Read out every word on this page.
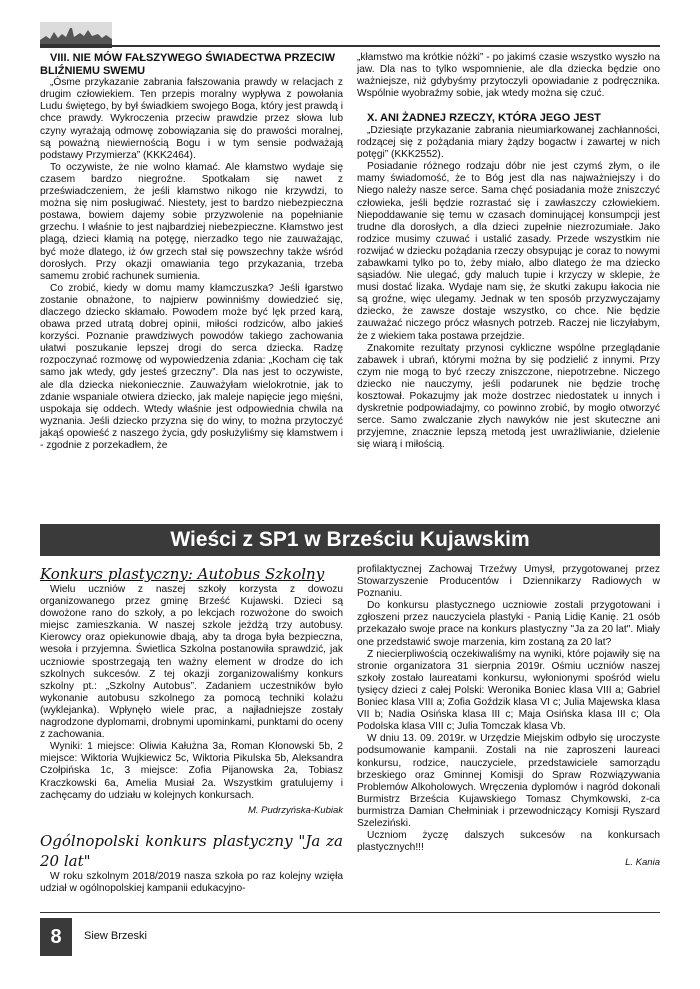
VIII. NIE MÓW FAŁSZYWEGO ŚWIADECTWA PRZECIW BLIŹNIEMU SWEMU

„Ósme przykazanie zabrania fałszowania prawdy w relacjach z drugim człowiekiem. Ten przepis moralny wypływa z powołania Ludu świętego, by był świadkiem swojego Boga, który jest prawdą i chce prawdy. Wykroczenia przeciw prawdzie przez słowa lub czyny wyrażają odmowę zobowiązania się do prawości moralnej, są poważną niewiernością Bogu i w tym sensie podważają podstawy Przymierza” (KKK2464).

To oczywiste, że nie wolno kłamać. Ale kłamstwo wydaje się czasem bardzo niegroźne. Spotkałam się nawet z przeświadczeniem, że jeśli kłamstwo nikogo nie krzywdzi, to można się nim posługiwać. Niestety, jest to bardzo niebezpieczna postawa, bowiem dajemy sobie przyzwolenie na popełnianie grzechu. I właśnie to jest najbardziej niebezpieczne. Kłamstwo jest plagą, dzieci kłamią na potęgę, nierzadko tego nie zauważając, być może dlatego, iż ów grzech stał się powszechny także wśród dorosłych. Przy okazji omawiania tego przykazania, trzeba samemu zrobić rachunek sumienia.

Co zrobić, kiedy w domu mamy kłamczuszka? Jeśli łgarstwo zostanie obnażone, to najpierw powinniśmy dowiedzieć się, dlaczego dziecko skłamało. Powodem może być lęk przed karą, obawa przed utratą dobrej opinii, miłości rodziców, albo jakieś korzyści. Poznanie prawdziwych powodów takiego zachowania ułatwi poszukanie lepszej drogi do serca dziecka. Radzę rozpoczynać rozmowę od wypowiedzenia zdania: „Kocham cię tak samo jak wtedy, gdy jesteś grzeczny”. Dla nas jest to oczywiste, ale dla dziecka niekoniecznie. Zauważyłam wielokrotnie, jak to zdanie wspaniale otwiera dziecko, jak maleje napięcie jego mięśni, uspokaja się oddech. Wtedy właśnie jest odpowiednia chwila na wyznania. Jeśli dziecko przyzna się do winy, to można przytoczyć jakąś opowieść z naszego życia, gdy posłużyliśmy się kłamstwem i - zgodnie z porzekadłem, że

„kłamstwo ma krótkie nóżki” - po jakimś czasie wszystko wyszło na jaw. Dla nas to tylko wspomnienie, ale dla dziecka będzie ono ważniejsze, niż gdybyśmy przytoczyli opowiadanie z podręcznika. Wspólnie wyobraźmy sobie, jak wtedy można się czuć.

X. ANI ŻADNEJ RZECZY, KTÓRA JEGO JEST

„Dziesiąte przykazanie zabrania nieumiarkowanej zachłanności, rodzącej się z pożądania miary żądzy bogactw i zawartej w nich potęgi” (KKK2552).

Posiadanie różnego rodzaju dóbr nie jest czymś złym, o ile mamy świadomość, że to Bóg jest dla nas najważniejszy i do Niego należy nasze serce. Sama chęć posiadania może zniszczyć człowieka, jeśli będzie rozrastać się i zawłaszczy człowiekiem. Niepoddawanie się temu w czasach dominującej konsumpcji jest trudne dla dorosłych, a dla dzieci zupełnie niezrozumiałe. Jako rodzice musimy czuwać i ustalić zasady. Przede wszystkim nie rozwijać w dziecku pożądania rzeczy obsypując je coraz to nowymi zabawkami tylko po to, żeby miało, albo dlatego że ma dziecko sąsiadów. Nie ulegać, gdy maluch tupie i krzyczy w sklepie, że musi dostać lizaka. Wydaje nam się, że skutki zakupu łakocia nie są groźne, więc ulegamy. Jednak w ten sposób przyzwyczajamy dziecko, że zawsze dostaje wszystko, co chce. Nie będzie zauważać niczego prócz własnych potrzeb. Raczej nie liczyłabym, że z wiekiem taka postawa przejdzie.

Znakomite rezultaty przynosi cykliczne wspólne przeglądanie zabawek i ubrań, którymi można by się podzielić z innymi. Przy czym nie mogą to być rzeczy zniszczone, niepotrzebne. Niczego dziecko nie nauczymy, jeśli podarunek nie będzie trochę kosztował. Pokazujmy jak może dostrzec niedostatek u innych i dyskretnie podpowiadajmy, co powinno zrobić, by mogło otworzyć serce. Samo zwalczanie złych nawyków nie jest skuteczne ani przyjemne, znacznie lepszą metodą jest uwrażliwianie, dzielenie się wiarą i miłością.

Wieści z SP1 w Brześciu Kujawskim
Konkurs plastyczny: Autobus Szkolny

Wielu uczniów z naszej szkoły korzysta z dowozu organizowanego przez gminę Brześć Kujawski. Dzieci są dowożone rano do szkoły, a po lekcjach rozwożone do swoich miejsc zamieszkania. W naszej szkole jeżdżą trzy autobusy. Kierowcy oraz opiekunowie dbają, aby ta droga była bezpieczna, wesoła i przyjemna. Świetlica Szkolna postanowiła sprawdzić, jak uczniowie spostrzegają ten ważny element w drodze do ich szkolnych sukcesów. Z tej okazji zorganizowaliśmy konkurs szkolny pt.: „Szkolny Autobus”. Zadaniem uczestników było wykonanie autobusu szkolnego za pomocą techniki kolażu (wyklejanka). Wpłynęło wiele prac, a najładniejsze zostały nagrodzone dyplomami, drobnymi upominkami, punktami do oceny z zachowania.

Wyniki: 1 miejsce: Oliwia Kałużna 3a, Roman Kłonowski 5b, 2 miejsce: Wiktoria Wujkiewicz 5c, Wiktoria Pikulska 5b, Aleksandra Czołpińska 1c, 3 miejsce: Zofia Pijanowska 2a, Tobiasz Kraczkowski 6a, Amelia Musiał 2a. Wszystkim gratulujemy i zachęcamy do udziału w kolejnych konkursach.

M. Pudrzyńska-Kubiak
Ogólnopolski konkurs plastyczny "Ja za 20 lat"

W roku szkolnym 2018/2019 nasza szkoła po raz kolejny wzięła udział w ogólnopolskiej kampanii edukacyjno-

profilaktycznej Zachowaj Trzeźwy Umysł, przygotowanej przez Stowarzyszenie Producentów i Dziennikarzy Radiowych w Poznaniu.

Do konkursu plastycznego uczniowie zostali przygotowani i zgłoszeni przez nauczyciela plastyki - Panią Lidię Kanię. 21 osób przekazało swoje prace na konkurs plastyczny "Ja za 20 lat". Miały one przedstawić swoje marzenia, kim zostaną za 20 lat?

Z niecierpliwością oczekiwaliśmy na wyniki, które pojawiły się na stronie organizatora 31 sierpnia 2019r. Ośmiu uczniów naszej szkoły zostało laureatami konkursu, wyłonionymi spośród wielu tysięcy dzieci z całej Polski: Weronika Boniec klasa VIII a; Gabriel Boniec klasa VIII a; Zofia Goździk klasa VI c; Julia Majewska klasa VII b; Nadia Osińska klasa III c; Maja Osińska klasa III c; Ola Podolska klasa VIII c; Julia Tomczak klasa Vb.

W dniu 13. 09. 2019r. w Urzędzie Miejskim odbyło się uroczyste podsumowanie kampanii. Zostali na nie zaproszeni laureaci konkursu, rodzice, nauczyciele, przedstawiciele samorządu brzeskiego oraz Gminnej Komisji do Spraw Rozwiązywania Problemów Alkoholowych. Wręczenia dyplomów i nagród dokonali Burmistrz Brześcia Kujawskiego Tomasz Chymkowski, z-ca burmistrza Damian Chełminiak i przewodniczący Komisji Ryszard Szeleziński.

Uczniom życzę dalszych sukcesów na konkursach plastycznych!!!

L. Kania
8	Siew Brzeski
